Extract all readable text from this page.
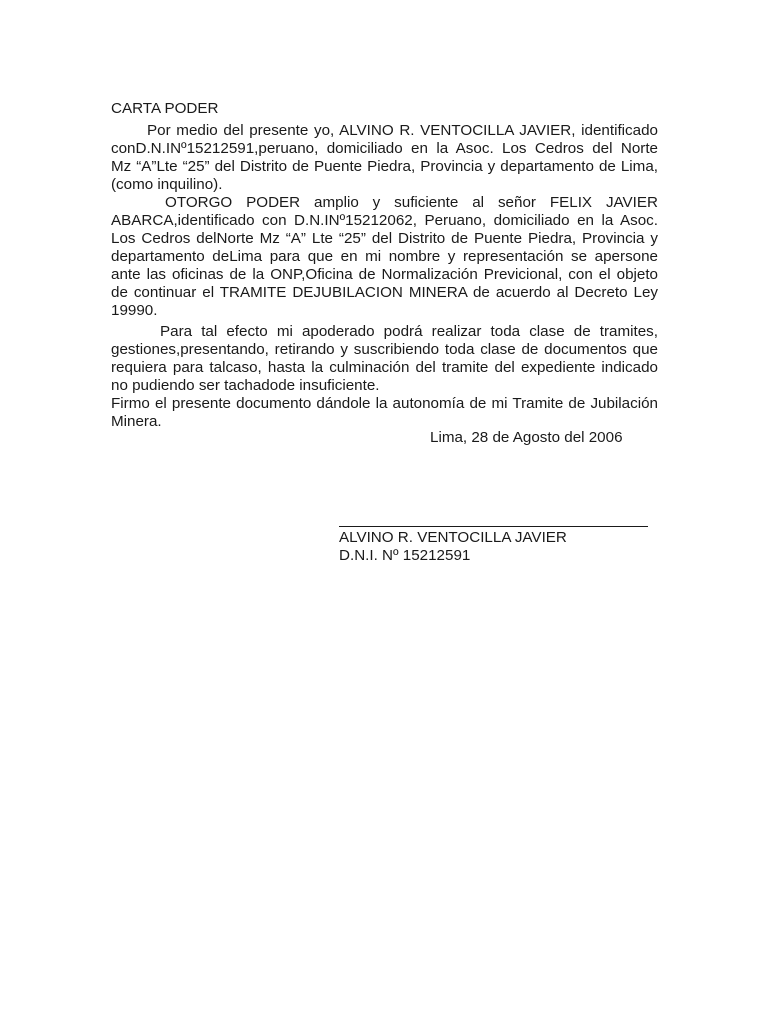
CARTA PODER
Por medio del presente yo, ALVINO R. VENTOCILLA JAVIER, identificado
conD.N.INº15212591,peruano, domiciliado en la Asoc. Los Cedros del Norte
Mz “A”Lte “25” del Distrito de Puente Piedra, Provincia y departamento de Lima,
(como inquilino).
OTORGO PODER amplio y suficiente al señor FELIX JAVIER
ABARCA,identificado con D.N.INº15212062, Peruano, domiciliado en la Asoc.
Los Cedros delNorte Mz “A” Lte “25” del Distrito de Puente Piedra, Provincia y
departamento deLima para que en mi nombre y representación se apersone
ante las oficinas de la ONP,Oficina de Normalización Previcional, con el objeto
de continuar el TRAMITE DEJUBILACION MINERA de acuerdo al Decreto Ley
19990.
Para tal efecto mi apoderado podrá realizar toda clase de tramites,
gestiones,presentando, retirando y suscribiendo toda clase de documentos que
requiera para talcaso, hasta la culminación del tramite del expediente indicado
no pudiendo ser tachadode insuficiente.
Firmo el presente documento dándole la autonomía de mi Tramite de Jubilación
Minera.
Lima, 28 de Agosto del 2006
ALVINO R. VENTOCILLA JAVIER
D.N.I. Nº 15212591
